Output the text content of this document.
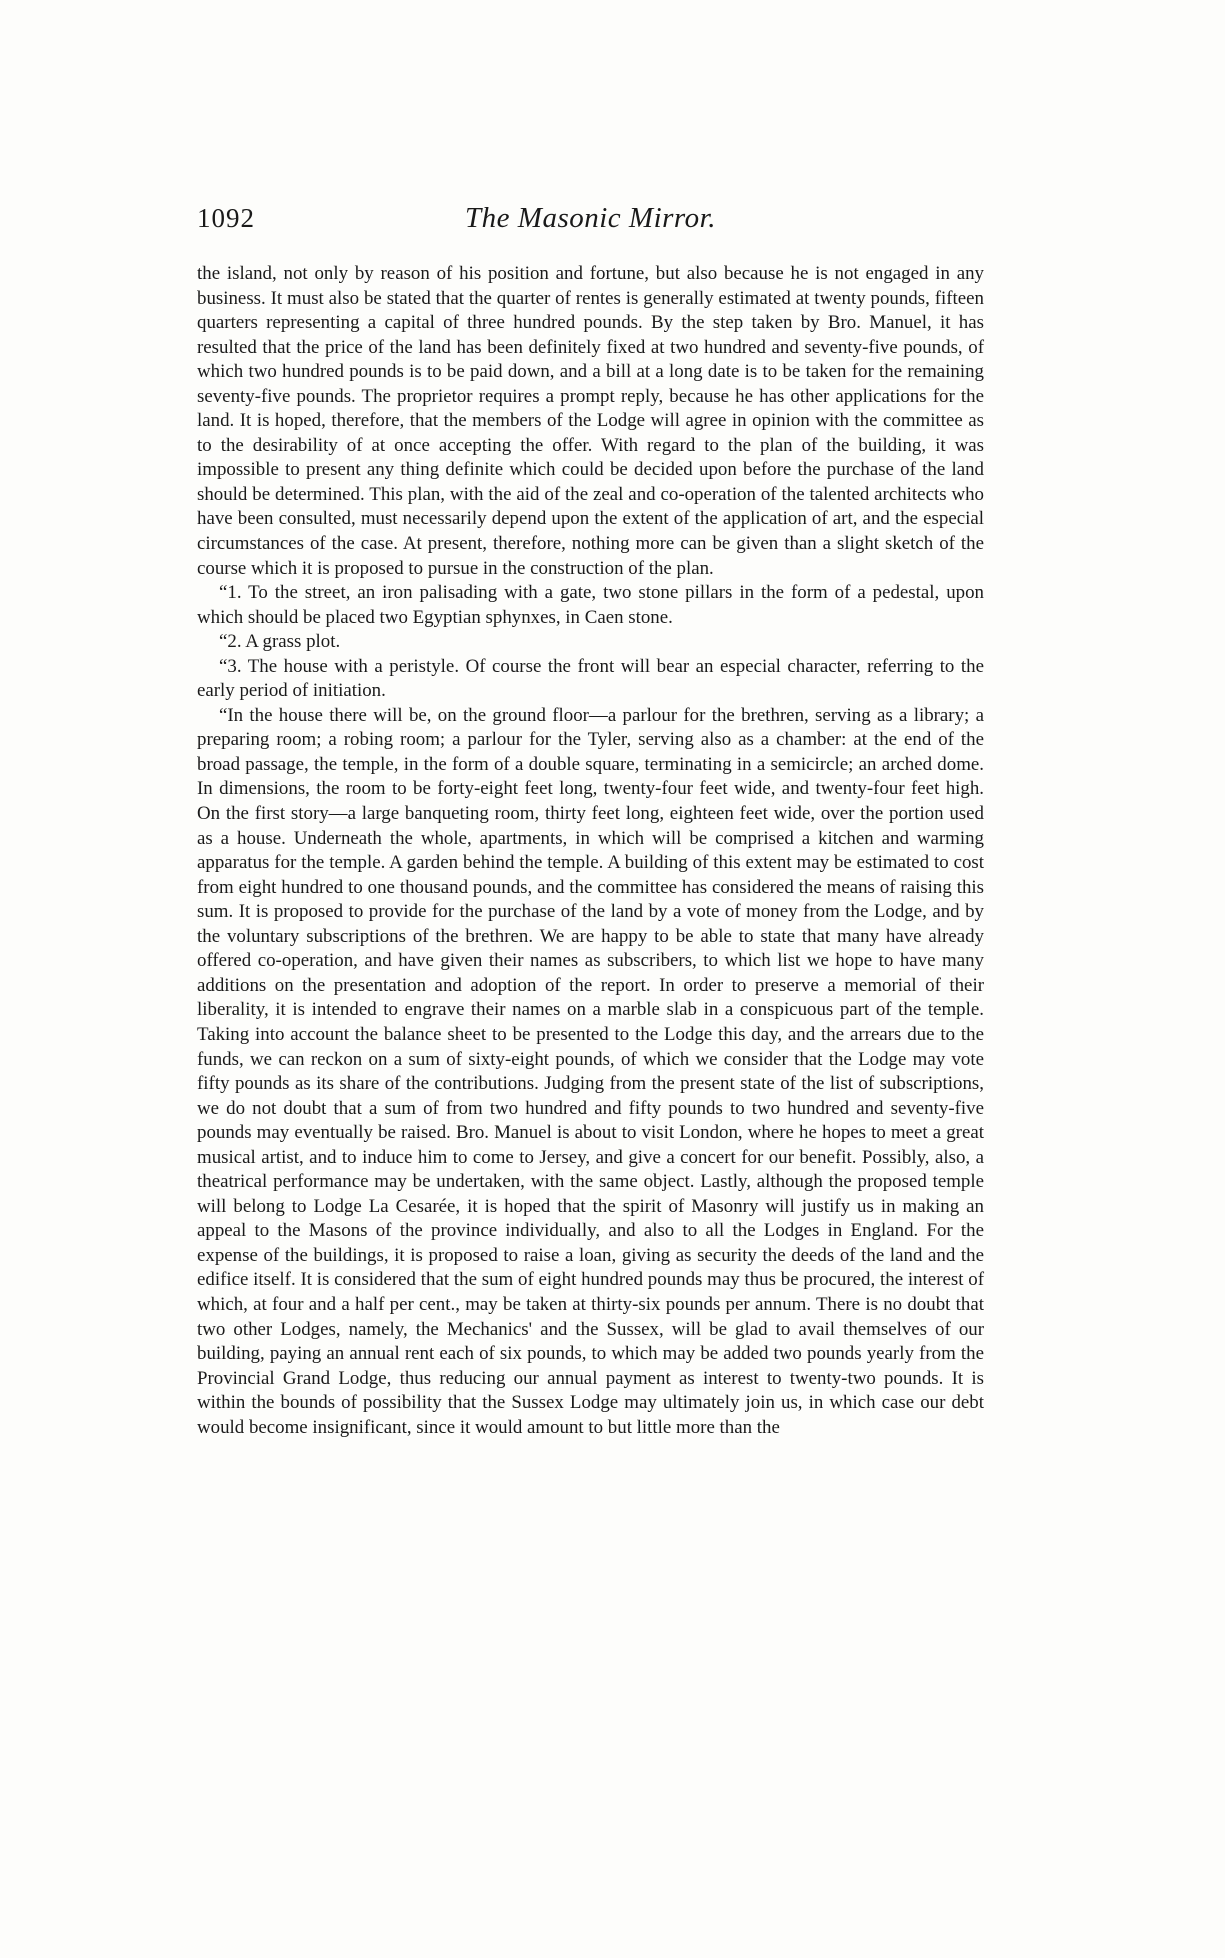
1092	The Masonic Mirror.

the island, not only by reason of his position and fortune, but also because he is not engaged in any business. It must also be stated that the quarter of rentes is generally estimated at twenty pounds, fifteen quarters representing a capital of three hundred pounds. By the step taken by Bro. Manuel, it has resulted that the price of the land has been definitely fixed at two hundred and seventy-five pounds, of which two hundred pounds is to be paid down, and a bill at a long date is to be taken for the remaining seventy-five pounds. The proprietor requires a prompt reply, because he has other applications for the land. It is hoped, therefore, that the members of the Lodge will agree in opinion with the committee as to the desirability of at once accepting the offer. With regard to the plan of the building, it was impossible to present any thing definite which could be decided upon before the purchase of the land should be determined. This plan, with the aid of the zeal and co-operation of the talented architects who have been consulted, must necessarily depend upon the extent of the application of art, and the especial circumstances of the case. At present, therefore, nothing more can be given than a slight sketch of the course which it is proposed to pursue in the construction of the plan.

“1. To the street, an iron palisading with a gate, two stone pillars in the form of a pedestal, upon which should be placed two Egyptian sphynxes, in Caen stone.

“2. A grass plot.

“3. The house with a peristyle. Of course the front will bear an especial character, referring to the early period of initiation.

“In the house there will be, on the ground floor—a parlour for the brethren, serving as a library; a preparing room; a robing room; a parlour for the Tyler, serving also as a chamber: at the end of the broad passage, the temple, in the form of a double square, terminating in a semicircle; an arched dome. In dimensions, the room to be forty-eight feet long, twenty-four feet wide, and twenty-four feet high. On the first story—a large banqueting room, thirty feet long, eighteen feet wide, over the portion used as a house. Underneath the whole, apartments, in which will be comprised a kitchen and warming apparatus for the temple. A garden behind the temple. A building of this extent may be estimated to cost from eight hundred to one thousand pounds, and the committee has considered the means of raising this sum. It is proposed to provide for the purchase of the land by a vote of money from the Lodge, and by the voluntary subscriptions of the brethren. We are happy to be able to state that many have already offered co-operation, and have given their names as subscribers, to which list we hope to have many additions on the presentation and adoption of the report. In order to preserve a memorial of their liberality, it is intended to engrave their names on a marble slab in a conspicuous part of the temple. Taking into account the balance sheet to be presented to the Lodge this day, and the arrears due to the funds, we can reckon on a sum of sixty-eight pounds, of which we consider that the Lodge may vote fifty pounds as its share of the contributions. Judging from the present state of the list of subscriptions, we do not doubt that a sum of from two hundred and fifty pounds to two hundred and seventy-five pounds may eventually be raised. Bro. Manuel is about to visit London, where he hopes to meet a great musical artist, and to induce him to come to Jersey, and give a concert for our benefit. Possibly, also, a theatrical performance may be undertaken, with the same object. Lastly, although the proposed temple will belong to Lodge La Cesarée, it is hoped that the spirit of Masonry will justify us in making an appeal to the Masons of the province individually, and also to all the Lodges in England. For the expense of the buildings, it is proposed to raise a loan, giving as security the deeds of the land and the edifice itself. It is considered that the sum of eight hundred pounds may thus be procured, the interest of which, at four and a half per cent., may be taken at thirty-six pounds per annum. There is no doubt that two other Lodges, namely, the Mechanics' and the Sussex, will be glad to avail themselves of our building, paying an annual rent each of six pounds, to which may be added two pounds yearly from the Provincial Grand Lodge, thus reducing our annual payment as interest to twenty-two pounds. It is within the bounds of possibility that the Sussex Lodge may ultimately join us, in which case our debt would become insignificant, since it would amount to but little more than the
